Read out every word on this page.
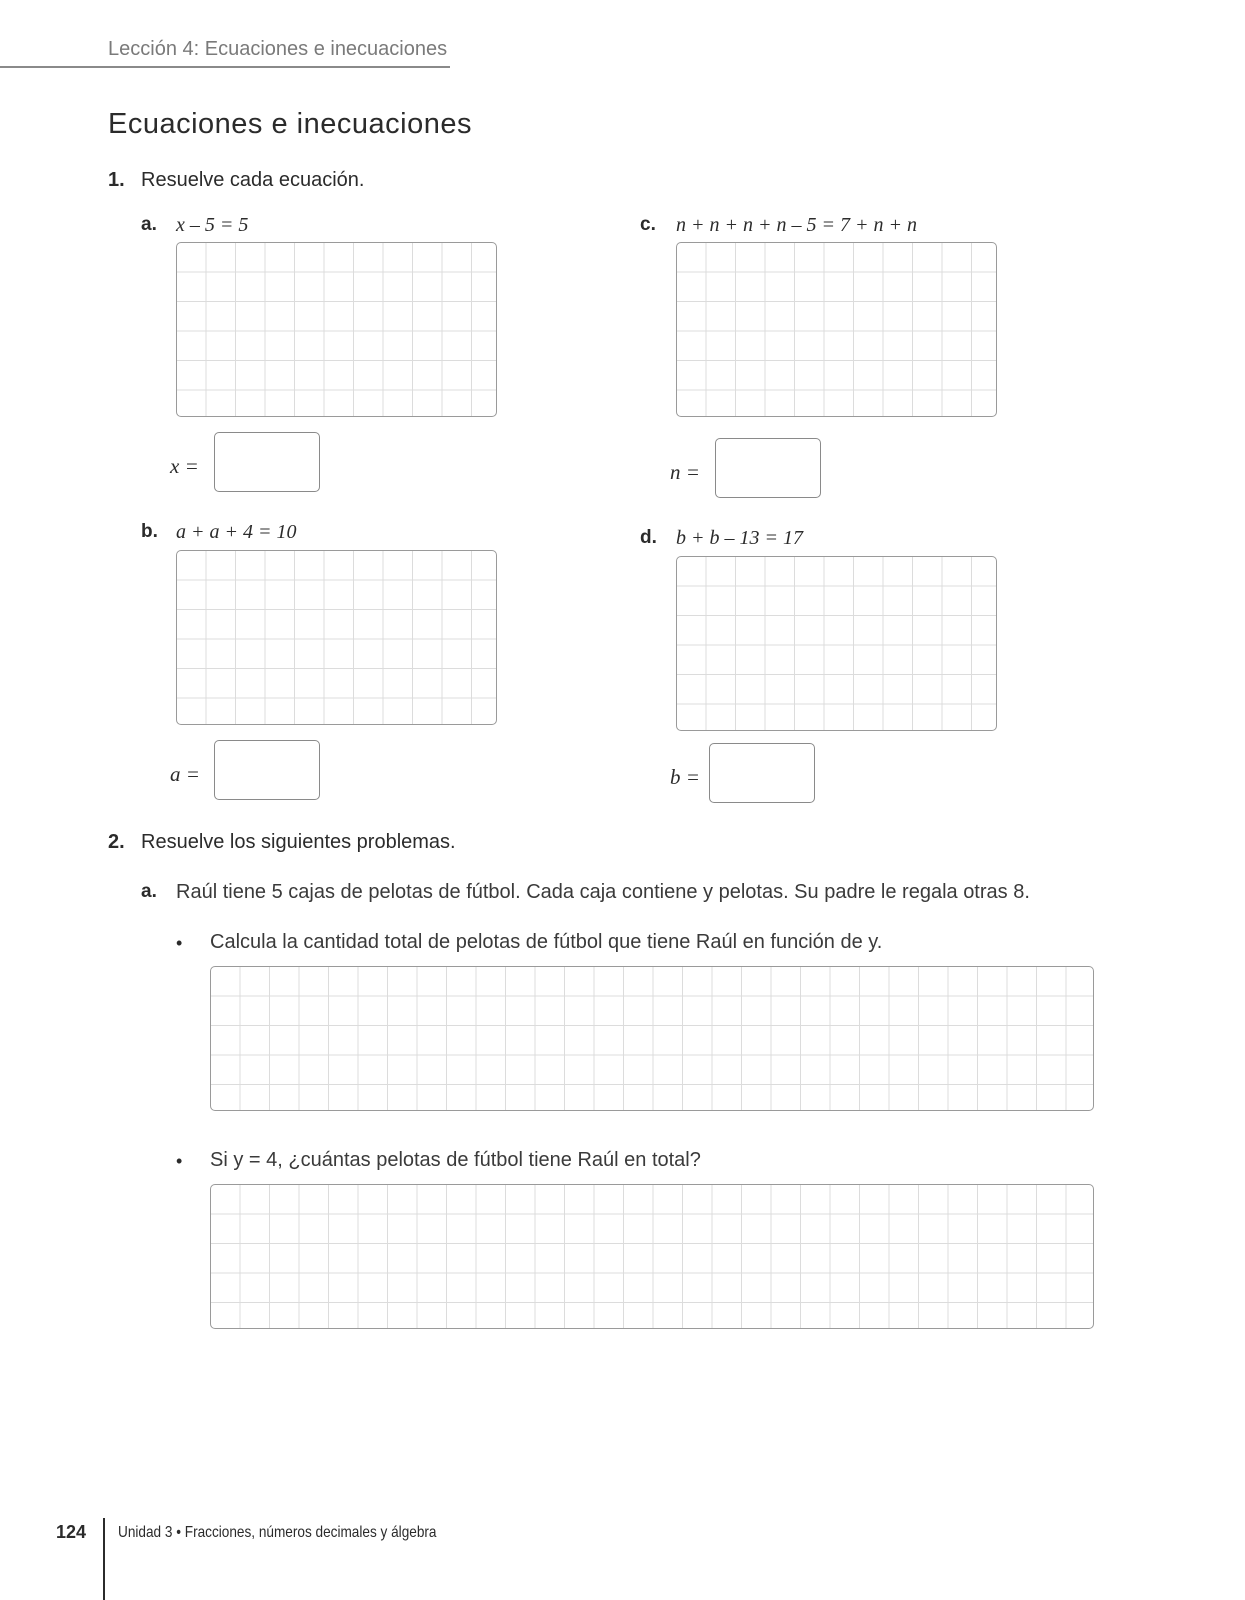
Lección 4: Ecuaciones e inecuaciones
Ecuaciones e inecuaciones
1. Resuelve cada ecuación.
a. x – 5 = 5
x =
b. a + a + 4 = 10
a =
c. n + n + n + n – 5 = 7 + n + n
n =
d. b + b – 13 = 17
b =
2. Resuelve los siguientes problemas.
a. Raúl tiene 5 cajas de pelotas de fútbol. Cada caja contiene y pelotas. Su padre le regala otras 8.
• Calcula la cantidad total de pelotas de fútbol que tiene Raúl en función de y.
• Si y = 4, ¿cuántas pelotas de fútbol tiene Raúl en total?
124 Unidad 3 • Fracciones, números decimales y álgebra
